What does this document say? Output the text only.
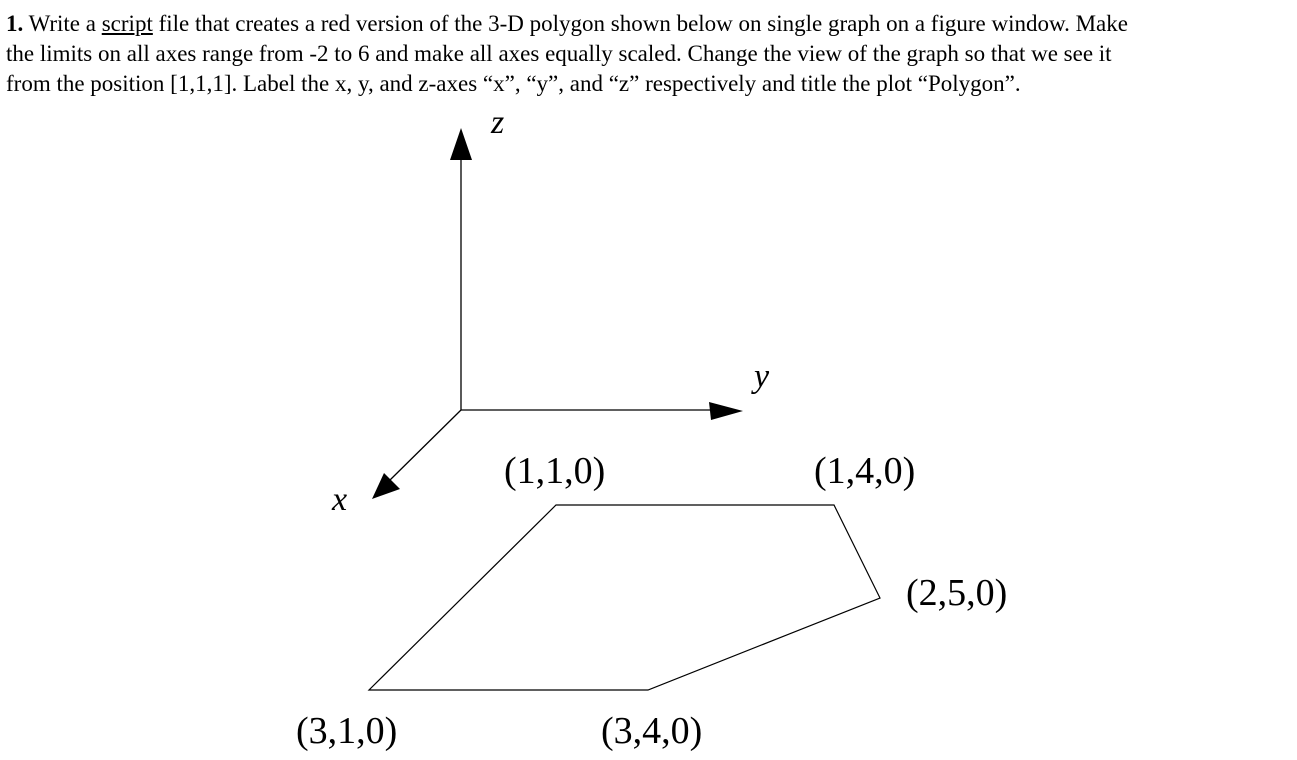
1. Write a script file that creates a red version of the 3-D polygon shown below on single graph on a figure window. Make
the limits on all axes range from -2 to 6 and make all axes equally scaled. Change the view of the graph so that we see it
from the position [1,1,1]. Label the x, y, and z-axes “x”, “y”, and “z” respectively and title the plot “Polygon”.
z
y
x
(1,1,0)	(1,4,0)
(2,5,0)
(3,4,0)
(3,1,0)
